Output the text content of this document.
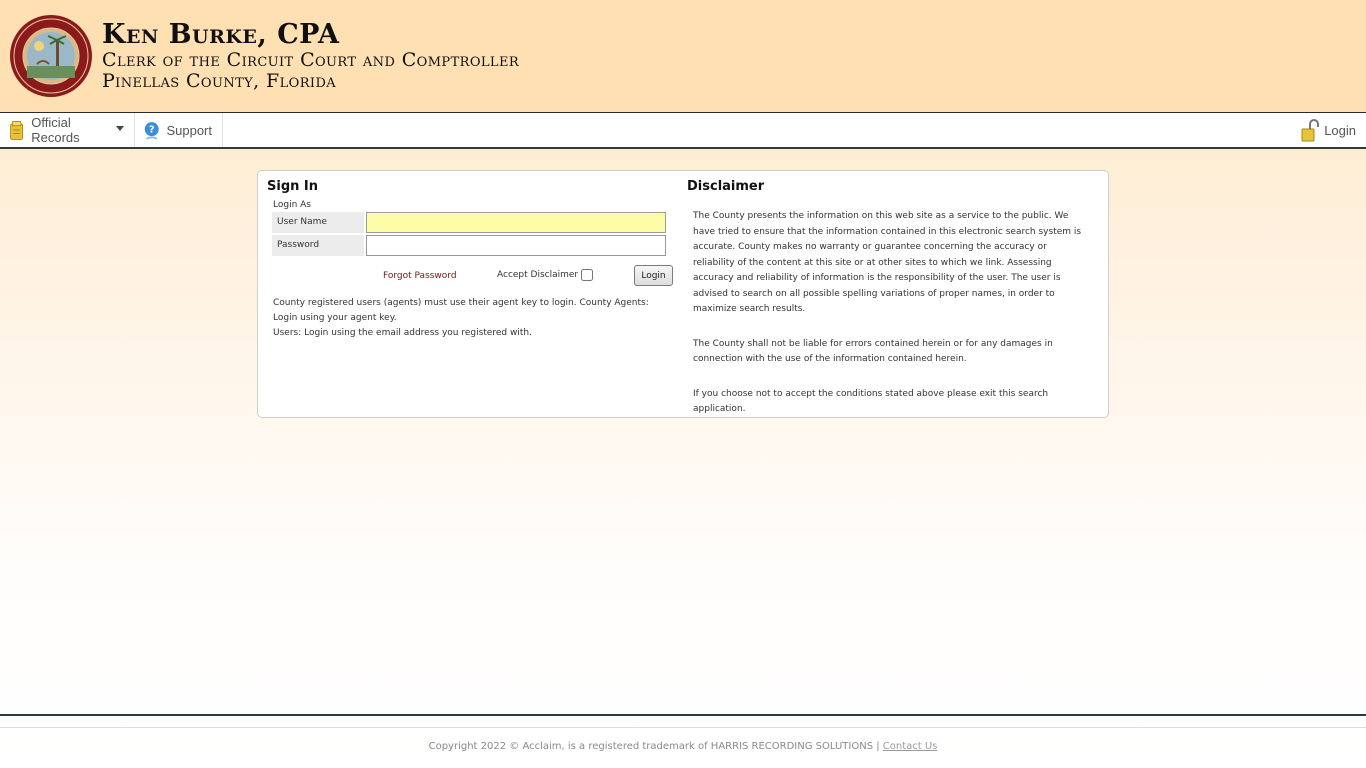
Ken Burke, CPA
Clerk of the Circuit Court and Comptroller
Pinellas County, Florida
Official Records	? Support	Login
Sign In
Login As
User Name
Password
Forgot Password	Accept Disclaimer	Login
County registered users (agents) must use their agent key to login. County Agents: Login using your agent key.
Users: Login using the email address you registered with.
Disclaimer

The County presents the information on this web site as a service to the public. We have tried to ensure that the information contained in this electronic search system is accurate. County makes no warranty or guarantee concerning the accuracy or reliability of the content at this site or at other sites to which we link. Assessing accuracy and reliability of information is the responsibility of the user. The user is advised to search on all possible spelling variations of proper names, in order to maximize search results.

The County shall not be liable for errors contained herein or for any damages in connection with the use of the information contained herein.

If you choose not to accept the conditions stated above please exit this search application.

Copyright 2022 © Acclaim, is a registered trademark of HARRIS RECORDING SOLUTIONS | Contact Us
